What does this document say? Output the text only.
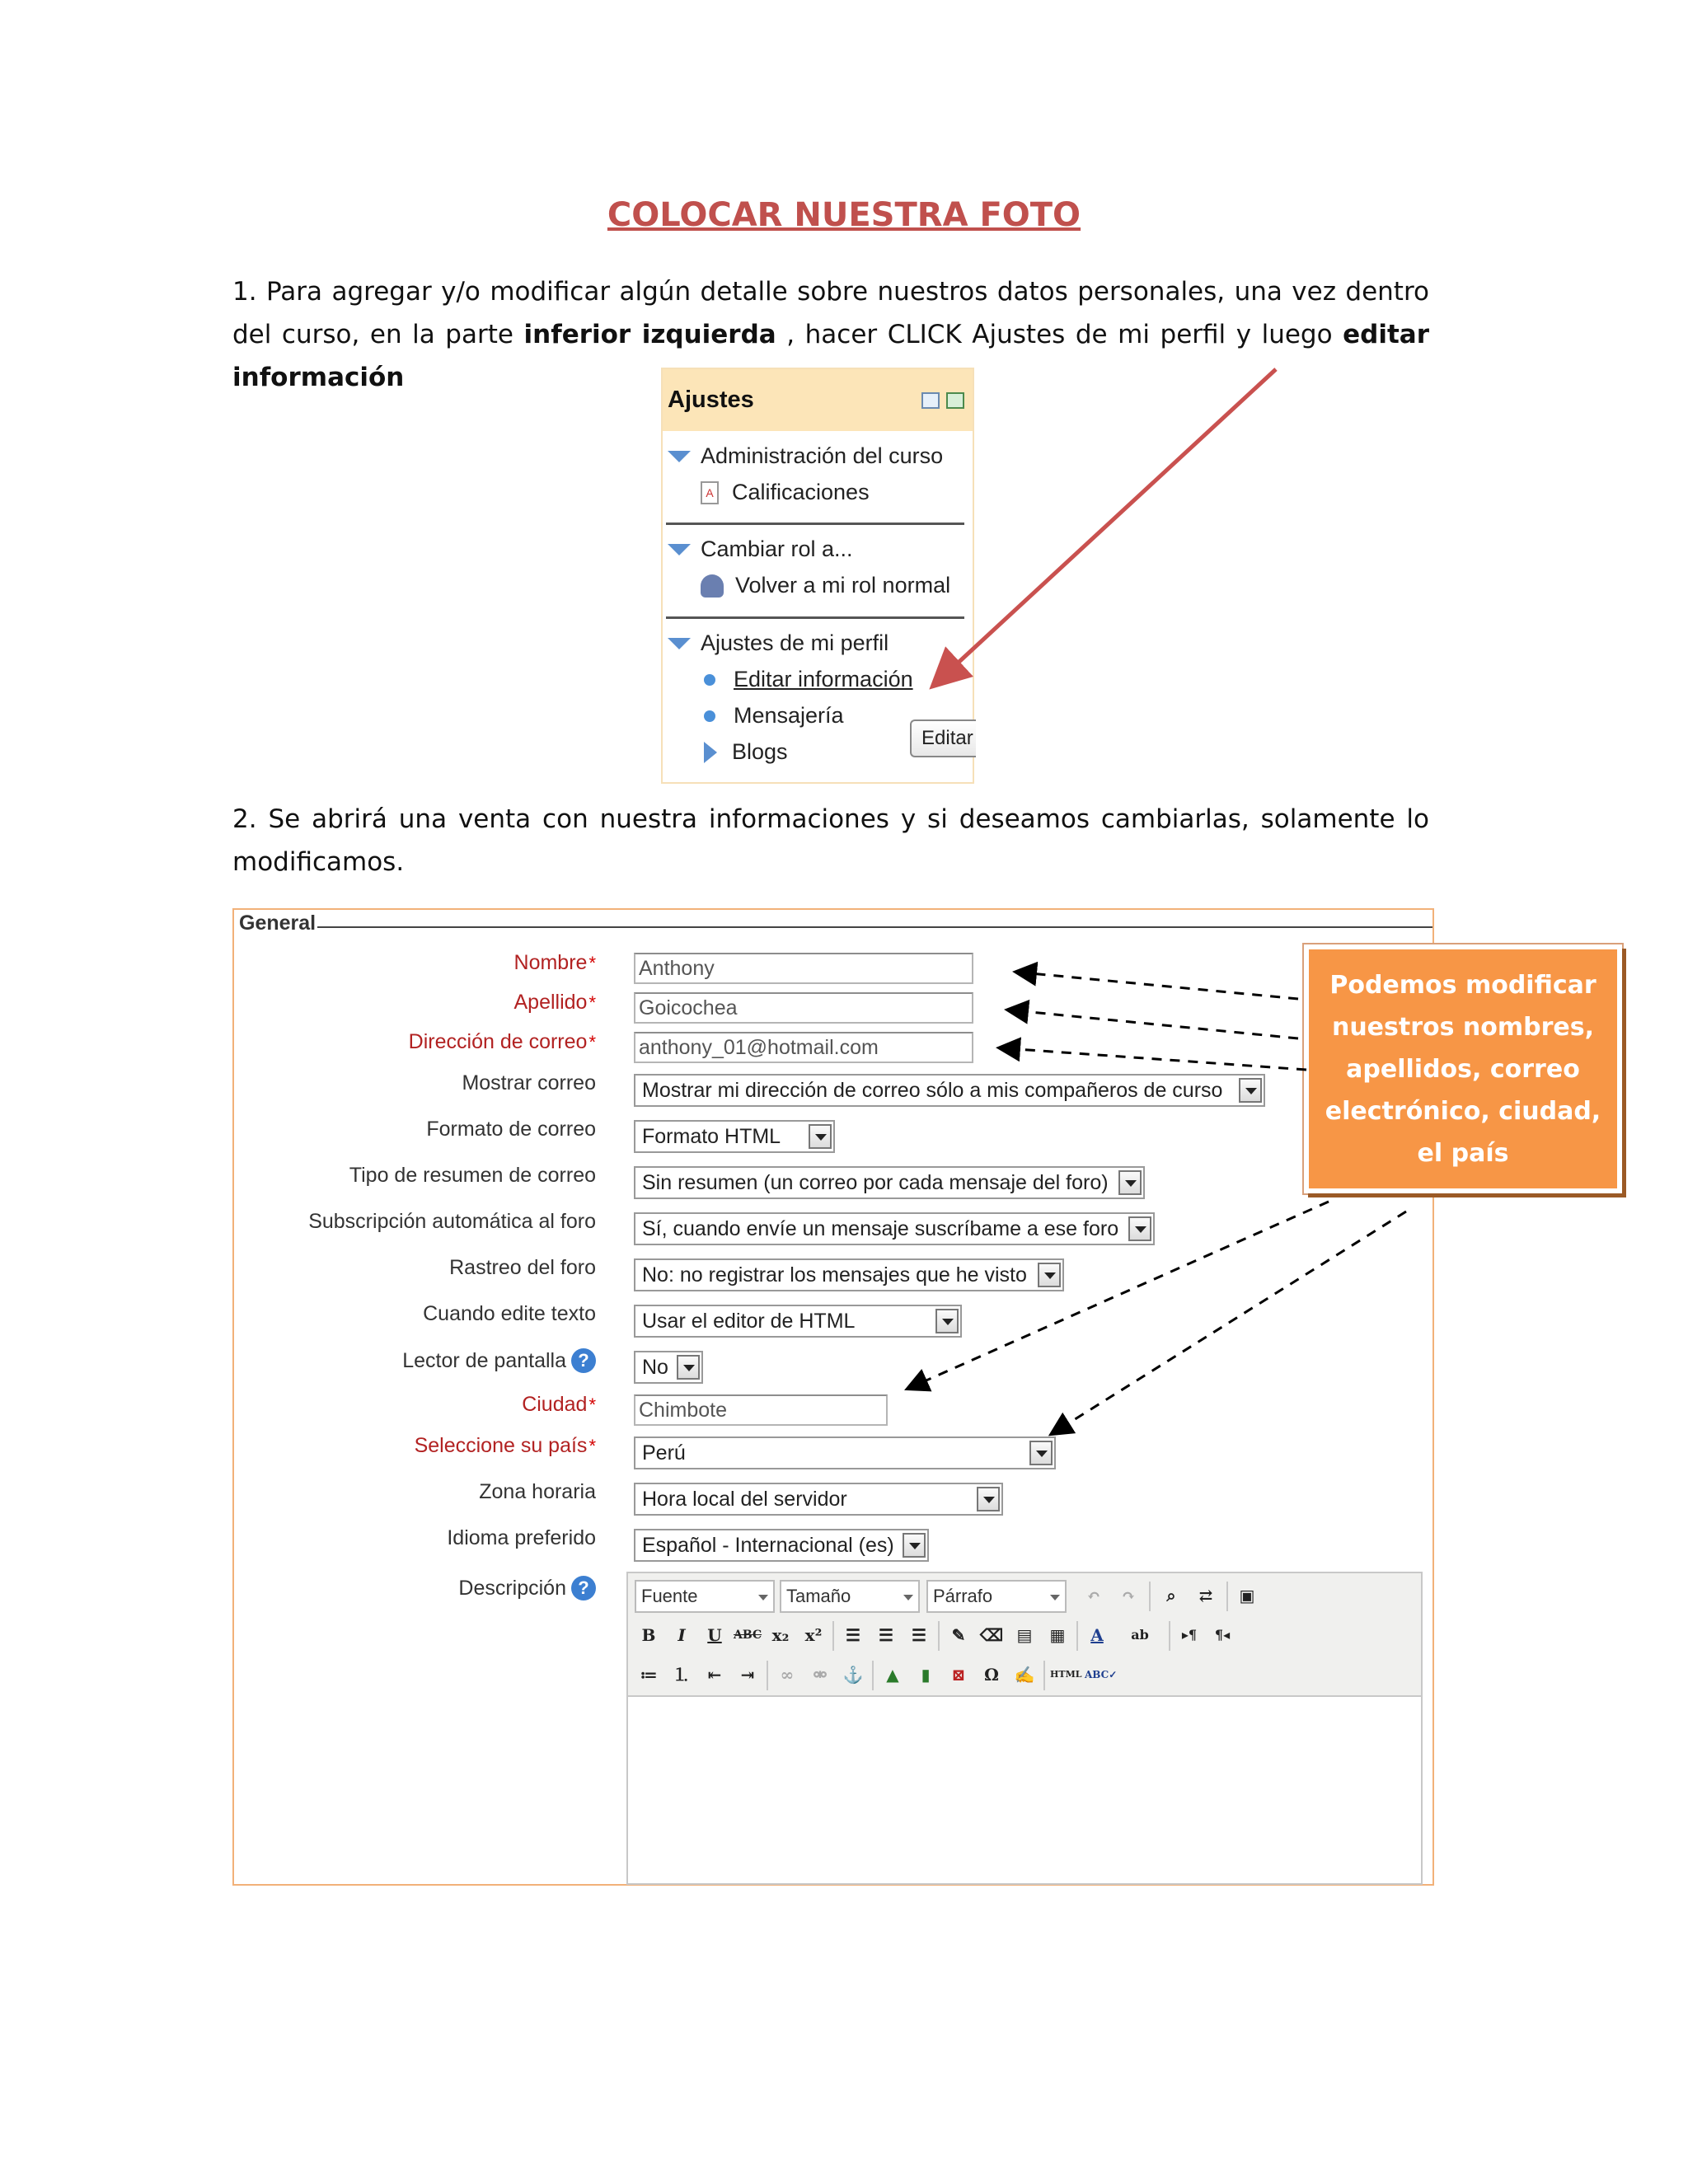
COLOCAR NUESTRA FOTO
1. Para agregar y/o modificar algún detalle sobre nuestros datos personales, una vez dentro del curso, en la parte inferior izquierda , hacer CLICK Ajustes de mi perfil y luego editar información
Ajustes
Administración del curso
A Calificaciones
Cambiar rol a...
Volver a mi rol normal
Ajustes de mi perfil
Editar información
Mensajería
Blogs
Editar
2. Se abrirá una venta con nuestra informaciones y si deseamos cambiarlas, solamente lo modificamos.
General
Nombre * Anthony
Apellido * Goicochea
Dirección de correo * anthony_01@hotmail.com
Mostrar correo	Mostrar mi dirección de correo sólo a mis compañeros de curso
Formato de correo	Formato HTML
Tipo de resumen de correo	Sin resumen (un correo por cada mensaje del foro)
Subscripción automática al foro	Sí, cuando envíe un mensaje suscríbame a ese foro
Rastreo del foro	No: no registrar los mensajes que he visto
Cuando edite texto	Usar el editor de HTML
Lector de pantalla ?	No
Ciudad * Chimbote
Seleccione su país *	Perú
Zona horaria	Hora local del servidor
Idioma preferido	Español - Internacional (es)
Descripción ?	Fuente	Tamaño	Párrafo	↶	↷	⌕	⇄	▣
B	I	U	ABC x₂ x²	☰	☰	☰	✎ ⌫ ▤	▦	A	ab	▸¶	¶◂
≔ ⒈	⇤	⇥	∞	⚮ ⚓	▲	▮	⊠	Ω ✍	HTML ABC✓
Podemos modificar nuestros nombres, apellidos, correo electrónico, ciudad, el país
